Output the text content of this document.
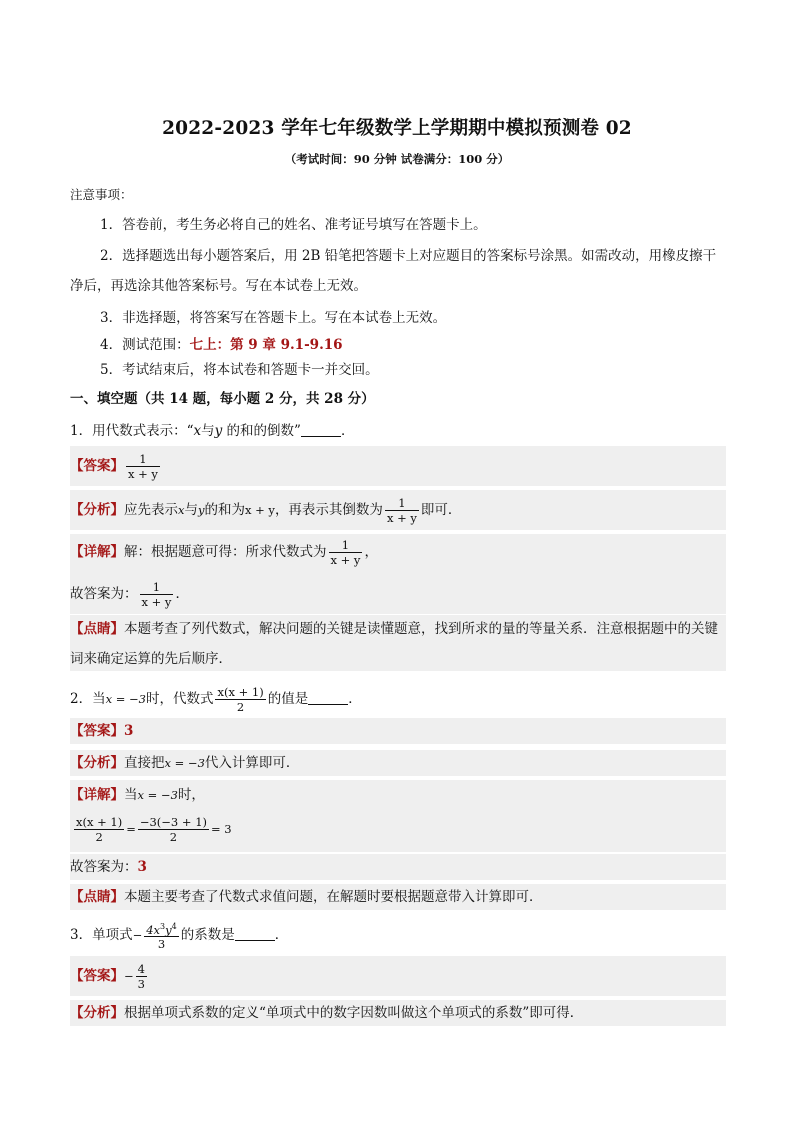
2022-2023 学年七年级数学上学期期中模拟预测卷 02
（考试时间：90 分钟 试卷满分：100 分）
注意事项：
1．答卷前，考生务必将自己的姓名、准考证号填写在答题卡上。
2．选择题选出每小题答案后，用 2B 铅笔把答题卡上对应题目的答案标号涂黑。如需改动，用橡皮擦干净后，再选涂其他答案标号。写在本试卷上无效。
3．非选择题，将答案写在答题卡上。写在本试卷上无效。
4．测试范围：七上：第 9 章 9.1-9.16
5．考试结束后，将本试卷和答题卡一并交回。
一、填空题（共 14 题，每小题 2 分，共 28 分）
1．用代数式表示：“x与y 的和的倒数”	．
【答案】 $\frac{1}{x + y}$
【分析】应先表示x与y的和为x + y，再表示其倒数为 $\frac{1}{x + y}$ 即可．
【详解】解：根据题意可得：所求代数式为 $\frac{1}{x + y}$ ，
故答案为： $\frac{1}{x + y}$ ．
【点睛】本题考查了列代数式，解决问题的关键是读懂题意，找到所求的量的等量关系．注意根据题中的关键词来确定运算的先后顺序．
2．当x = −3时，代数式 $\frac{x(x + 1)}{2}$ 的值是	．
【答案】3
【分析】直接把x = −3代入计算即可．
【详解】当x = −3时，
$\frac{x(x + 1)}{2} = \frac{-3(-3 + 1)}{2} = 3$
故答案为：3
【点睛】本题主要考查了代数式求值问题，在解题时要根据题意带入计算即可．
3．单项式− $\frac{4x^3y^4}{3}$ 的系数是	．
【答案】− $\frac{4}{3}$
【分析】根据单项式系数的定义“单项式中的数字因数叫做这个单项式的系数”即可得．
